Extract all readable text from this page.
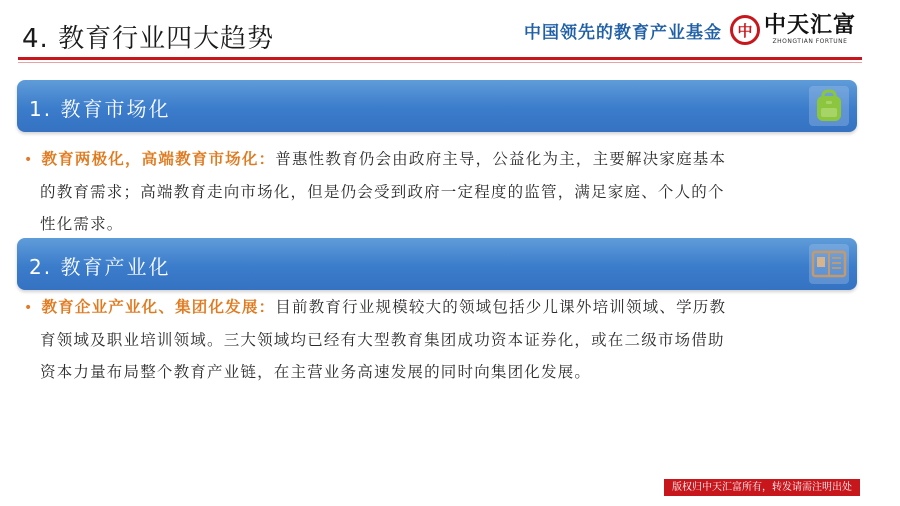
4. 教育行业四大趋势	中国领先的教育产业基金	中 中天汇富
ZHONGTIAN FORTUNE
1. 教育市场化
• 教育两极化，高端教育市场化：普惠性教育仍会由政府主导，公益化为主，主要解决家庭基本
的教育需求；高端教育走向市场化，但是仍会受到政府一定程度的监管，满足家庭、个人的个
性化需求。
2. 教育产业化
• 教育企业产业化、集团化发展：目前教育行业规模较大的领域包括少儿课外培训领域、学历教
育领域及职业培训领域。三大领域均已经有大型教育集团成功资本证券化，或在二级市场借助
资本力量布局整个教育产业链，在主营业务高速发展的同时向集团化发展。
版权归中天汇富所有，转发请需注明出处
